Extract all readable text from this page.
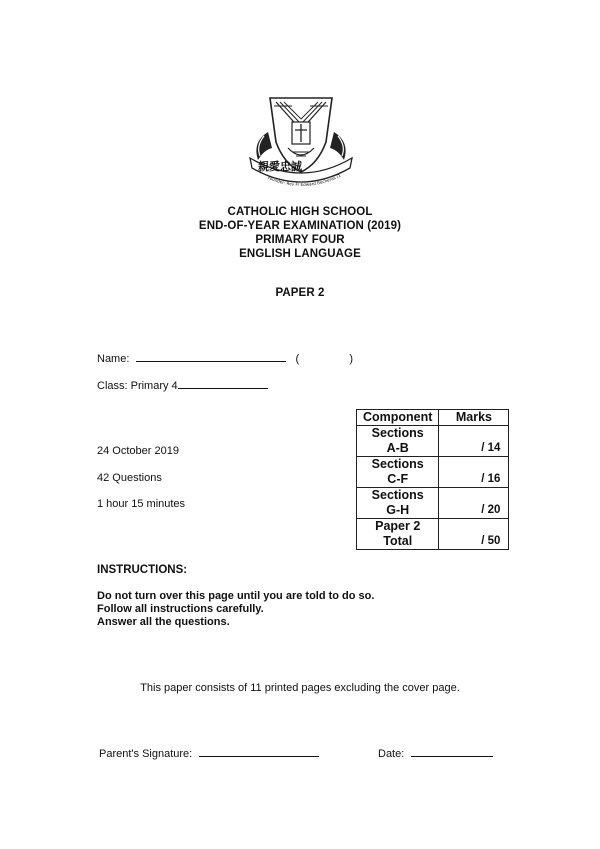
親愛忠誠
Founder: Rev Fr Edward Becheras (1
CATHOLIC HIGH SCHOOL
END-OF-YEAR EXAMINATION (2019)
PRIMARY FOUR
ENGLISH LANGUAGE
PAPER 2
Name:	(	)
Class: Primary 4
24 October 2019
42 Questions
1 hour 15 minutes
Component	Marks

Sections
A-B	/ 14

Sections
C-F	/ 16

Sections
G-H	/ 20

Paper 2
Total	/ 50
INSTRUCTIONS:
Do not turn over this page until you are told to do so.
Follow all instructions carefully.
Answer all the questions.
This paper consists of 11 printed pages excluding the cover page.
Parent's Signature:	Date:
